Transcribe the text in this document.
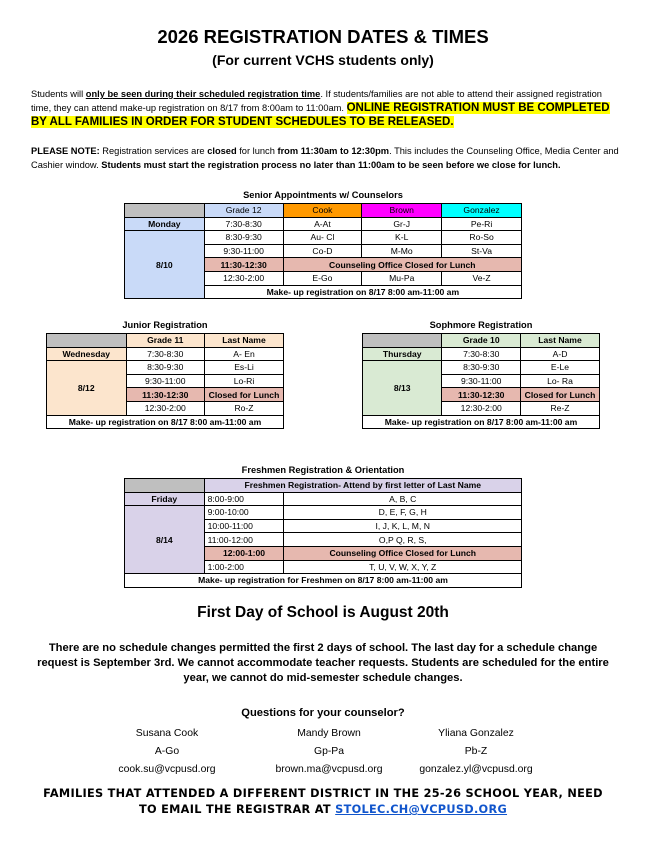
2026 REGISTRATION DATES & TIMES
(For current VCHS students only)
Students will only be seen during their scheduled registration time. If students/families are not able to attend their assigned registration time, they can attend make-up registration on 8/17 from 8:00am to 11:00am. ONLINE REGISTRATION MUST BE COMPLETED BY ALL FAMILIES IN ORDER FOR STUDENT SCHEDULES TO BE RELEASED.
PLEASE NOTE: Registration services are closed for lunch from 11:30am to 12:30pm. This includes the Counseling Office, Media Center and Cashier window. Students must start the registration process no later than 11:00am to be seen before we close for lunch.
Senior Appointments w/ Counselors
	Grade 12	Cook	Brown	Gonzalez
Monday	7:30-8:30	A-At	Gr-J	Pe-Ri
8/10	8:30-9:30	Au- Cl	K-L	Ro-So
	9:30-11:00	Co-D	M-Mo	St-Va
	11:30-12:30	Counseling Office Closed for Lunch		
	12:30-2:00	E-Go	Mu-Pa	Ve-Z
	Make- up registration on 8/17 8:00 am-11:00 am			
Junior Registration
	Grade 11	Last Name
Wednesday	7:30-8:30	A- En
8/12	8:30-9:30	Es-Li
	9:30-11:00	Lo-Ri
	11:30-12:30	Closed for Lunch
	12:30-2:00	Ro-Z
Make- up registration on 8/17 8:00 am-11:00 am		
Sophmore Registration
	Grade 10	Last Name
Thursday	7:30-8:30	A-D
8/13	8:30-9:30	E-Le
	9:30-11:00	Lo- Ra
	11:30-12:30	Closed for Lunch
	12:30-2:00	Re-Z
Make- up registration on 8/17 8:00 am-11:00 am		
Freshmen Registration & Orientation
	Freshmen Registration- Attend by first letter of Last Name	
Friday	8:00-9:00	A, B, C
8/14	9:00-10:00	D, E, F, G, H
	10:00-11:00	I, J, K, L, M, N
	11:00-12:00	O,P Q, R, S,
	12:00-1:00	Counseling Office Closed for Lunch
	1:00-2:00	T, U, V, W, X, Y, Z
Make- up registration for Freshmen on 8/17 8:00 am-11:00 am		
First Day of School is August 20th
There are no schedule changes permitted the first 2 days of school. The last day for a schedule change request is September 3rd. We cannot accommodate teacher requests. Students are scheduled for the entire year, we cannot do mid-semester schedule changes.
Questions for your counselor?
Susana Cook
A-Go
cook.su@vcpusd.org
Mandy Brown
Gp-Pa
brown.ma@vcpusd.org
Yliana Gonzalez
Pb-Z
gonzalez.yl@vcpusd.org
FAMILIES THAT ATTENDED A DIFFERENT DISTRICT IN THE 25-26 SCHOOL YEAR, NEED
TO EMAIL THE REGISTRAR AT STOLEC.CH@VCPUSD.ORG
